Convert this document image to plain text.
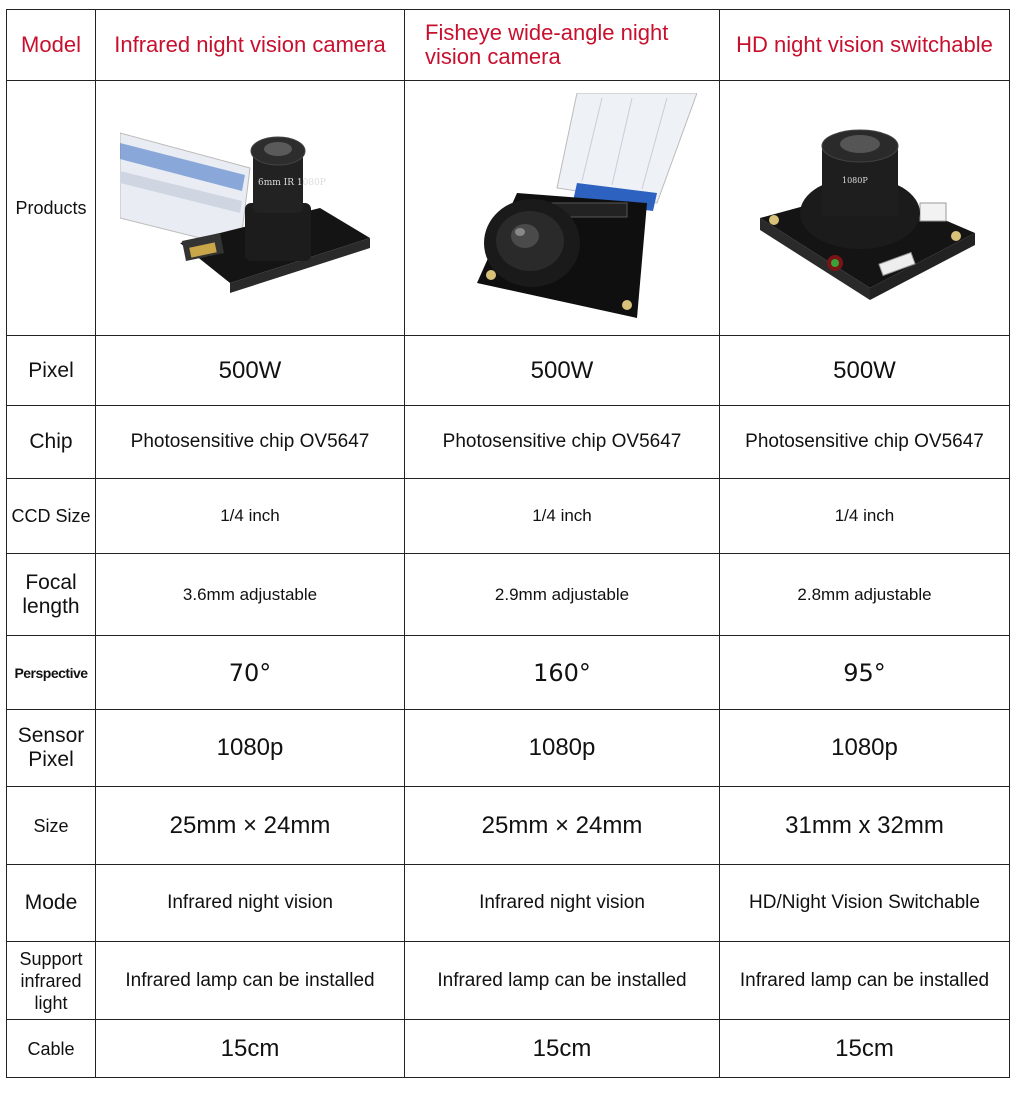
Model	Infrared night vision camera	Fisheye wide-angle night vision camera	HD night vision switchable
Products	6mm IR 1080P		1080P

Pixel	500W	500W	500W
Chip	Photosensitive chip OV5647	Photosensitive chip OV5647	Photosensitive chip OV5647
CCD Size	1/4 inch	1/4 inch	1/4 inch
Focal length	3.6mm adjustable	2.9mm adjustable	2.8mm adjustable
Perspective	70°	160°	95°
Sensor Pixel	1080p	1080p	1080p
Size	25mm × 24mm	25mm × 24mm	31mm x 32mm
Mode	Infrared night vision	Infrared night vision	HD/Night Vision Switchable
Support infrared light	Infrared lamp can be installed	Infrared lamp can be installed	Infrared lamp can be installed
Cable	15cm	15cm	15cm
